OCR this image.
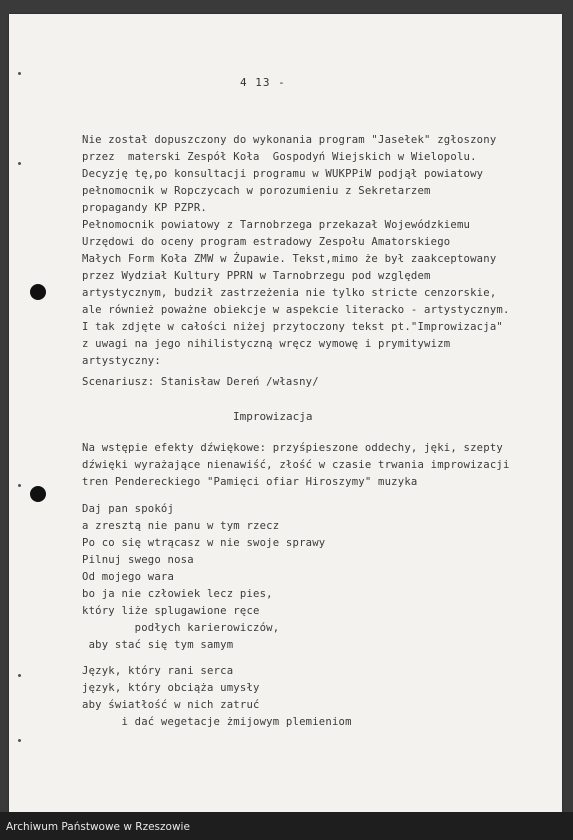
4 13 -
Nie został dopuszczony do wykonania program "Jasełek" zgłoszony
przez  materski Zespół Koła  Gospodyń Wiejskich w Wielopolu.
Decyzję tę,po konsultacji programu w WUKPPiW podjął powiatowy
pełnomocnik w Ropczycach w porozumieniu z Sekretarzem
propagandy KP PZPR.
Pełnomocnik powiatowy z Tarnobrzega przekazał Wojewódzkiemu
Urzędowi do oceny program estradowy Zespołu Amatorskiego
Małych Form Koła ZMW w Żupawie. Tekst,mimo że był zaakceptowany
przez Wydział Kultury PPRN w Tarnobrzegu pod względem
artystycznym, budził zastrzeżenia nie tylko stricte cenzorskie,
ale również poważne obiekcje w aspekcie literacko - artystycznym.
I tak zdjęte w całości niżej przytoczony tekst pt."Improwizacja"
z uwagi na jego nihilistyczną wręcz wymowę i prymitywizm
artystyczny:
Scenariusz: Stanisław Dereń /własny/
Improwizacja
Na wstępie efekty dźwiękowe: przyśpieszone oddechy, jęki, szepty
dźwięki wyrażające nienawiść, złość w czasie trwania improwizacji
tren Pendereckiego "Pamięci ofiar Hiroszymy" muzyka
Daj pan spokój
a zresztą nie panu w tym rzecz
Po co się wtrącasz w nie swoje sprawy
Pilnuj swego nosa
Od mojego wara
bo ja nie człowiek lecz pies,
który liże splugawione ręce
podłych karierowiczów,
aby stać się tym samym
Język, który rani serca
język, który obciąża umysły
aby światłość w nich zatruć
i dać wegetacje żmijowym plemieniom
Archiwum Państwowe w Rzeszowie
